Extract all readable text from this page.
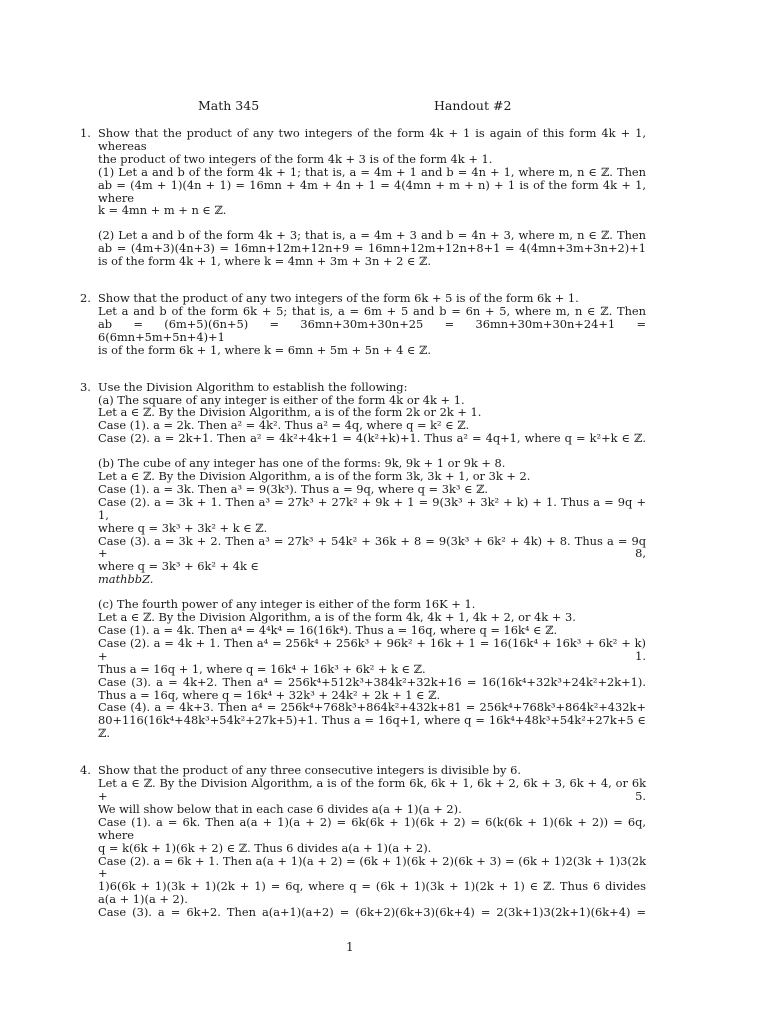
Math 345	Handout #2
1. Show that the product of any two integers of the form 4k + 1 is again of this form 4k + 1, whereas
the product of two integers of the form 4k + 3 is of the form 4k + 1.
(1) Let a and b of the form 4k + 1; that is, a = 4m + 1 and b = 4n + 1, where m, n ∈ ℤ. Then
ab = (4m + 1)(4n + 1) = 16mn + 4m + 4n + 1 = 4(4mn + m + n) + 1 is of the form 4k + 1, where
k = 4mn + m + n ∈ ℤ.
(2) Let a and b of the form 4k + 3; that is, a = 4m + 3 and b = 4n + 3, where m, n ∈ ℤ. Then
ab = (4m+3)(4n+3) = 16mn+12m+12n+9 = 16mn+12m+12n+8+1 = 4(4mn+3m+3n+2)+1
is of the form 4k + 1, where k = 4mn + 3m + 3n + 2 ∈ ℤ.
2. Show that the product of any two integers of the form 6k + 5 is of the form 6k + 1.
Let a and b of the form 6k + 5; that is, a = 6m + 5 and b = 6n + 5, where m, n ∈ ℤ. Then
ab = (6m+5)(6n+5) = 36mn+30m+30n+25 = 36mn+30m+30n+24+1 = 6(6mn+5m+5n+4)+1
is of the form 6k + 1, where k = 6mn + 5m + 5n + 4 ∈ ℤ.
3. Use the Division Algorithm to establish the following:
(a) The square of any integer is either of the form 4k or 4k + 1.
Let a ∈ ℤ. By the Division Algorithm, a is of the form 2k or 2k + 1.
Case (1). a = 2k. Then a² = 4k². Thus a² = 4q, where q = k² ∈ ℤ.
Case (2). a = 2k+1. Then a² = 4k²+4k+1 = 4(k²+k)+1. Thus a² = 4q+1, where q = k²+k ∈ ℤ.
(b) The cube of any integer has one of the forms: 9k, 9k + 1 or 9k + 8.
Let a ∈ ℤ. By the Division Algorithm, a is of the form 3k, 3k + 1, or 3k + 2.
Case (1). a = 3k. Then a³ = 9(3k³). Thus a = 9q, where q = 3k³ ∈ ℤ.
Case (2). a = 3k + 1. Then a³ = 27k³ + 27k² + 9k + 1 = 9(3k³ + 3k² + k) + 1. Thus a = 9q + 1,
where q = 3k³ + 3k² + k ∈ ℤ.
Case (3). a = 3k + 2. Then a³ = 27k³ + 54k² + 36k + 8 = 9(3k³ + 6k² + 4k) + 8. Thus a = 9q + 8,
where q = 3k³ + 6k² + 4k ∈
mathbbZ.
(c) The fourth power of any integer is either of the form 16K + 1.
Let a ∈ ℤ. By the Division Algorithm, a is of the form 4k, 4k + 1, 4k + 2, or 4k + 3.
Case (1). a = 4k. Then a⁴ = 4⁴k⁴ = 16(16k⁴). Thus a = 16q, where q = 16k⁴ ∈ ℤ.
Case (2). a = 4k + 1. Then a⁴ = 256k⁴ + 256k³ + 96k² + 16k + 1 = 16(16k⁴ + 16k³ + 6k² + k) + 1.
Thus a = 16q + 1, where q = 16k⁴ + 16k³ + 6k² + k ∈ ℤ.
Case (3). a = 4k+2. Then a⁴ = 256k⁴+512k³+384k²+32k+16 = 16(16k⁴+32k³+24k²+2k+1).
Thus a = 16q, where q = 16k⁴ + 32k³ + 24k² + 2k + 1 ∈ ℤ.
Case (4). a = 4k+3. Then a⁴ = 256k⁴+768k³+864k²+432k+81 = 256k⁴+768k³+864k²+432k+
80+116(16k⁴+48k³+54k²+27k+5)+1. Thus a = 16q+1, where q = 16k⁴+48k³+54k²+27k+5 ∈
ℤ.
4. Show that the product of any three consecutive integers is divisible by 6.
Let a ∈ ℤ. By the Division Algorithm, a is of the form 6k, 6k + 1, 6k + 2, 6k + 3, 6k + 4, or 6k + 5.
We will show below that in each case 6 divides a(a + 1)(a + 2).
Case (1). a = 6k. Then a(a + 1)(a + 2) = 6k(6k + 1)(6k + 2) = 6(k(6k + 1)(6k + 2)) = 6q, where
q = k(6k + 1)(6k + 2) ∈ ℤ. Thus 6 divides a(a + 1)(a + 2).
Case (2). a = 6k + 1. Then a(a + 1)(a + 2) = (6k + 1)(6k + 2)(6k + 3) = (6k + 1)2(3k + 1)3(2k +
1)6(6k + 1)(3k + 1)(2k + 1) = 6q, where q = (6k + 1)(3k + 1)(2k + 1) ∈ ℤ. Thus 6 divides
a(a + 1)(a + 2).
Case (3). a = 6k+2. Then a(a+1)(a+2) = (6k+2)(6k+3)(6k+4) = 2(3k+1)3(2k+1)(6k+4) =
1
